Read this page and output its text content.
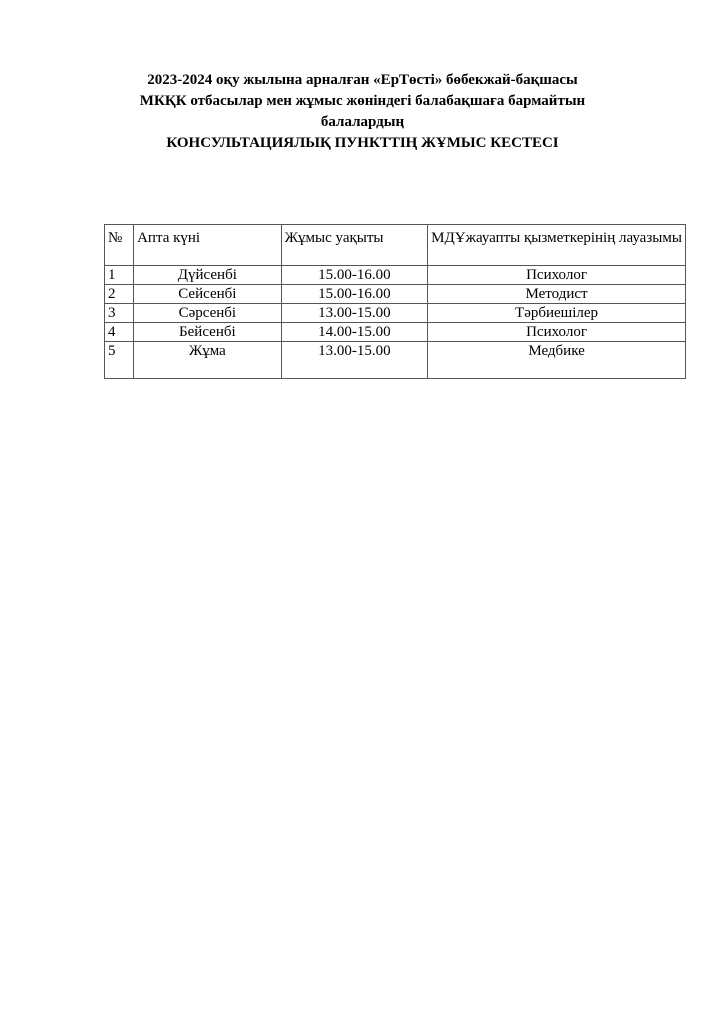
2023-2024 оқу жылына арналған «ЕрТөсті» бөбекжай-бақшасы
МКҚК отбасылар мен жұмыс жөніндегі балабақшаға бармайтын
балалардың
КОНСУЛЬТАЦИЯЛЫҚ ПУНКТТІҢ ЖҰМЫС КЕСТЕСІ
№	Апта күні	Жұмыс уақыты	МДҰжауапты қызметкерінің лауазымы
1	Дүйсенбі	15.00-16.00	Психолог
2	Сейсенбі	15.00-16.00	Методист
3	Сәрсенбі	13.00-15.00	Тәрбиешілер
4	Бейсенбі	14.00-15.00	Психолог
5	Жұма	13.00-15.00	Медбике
